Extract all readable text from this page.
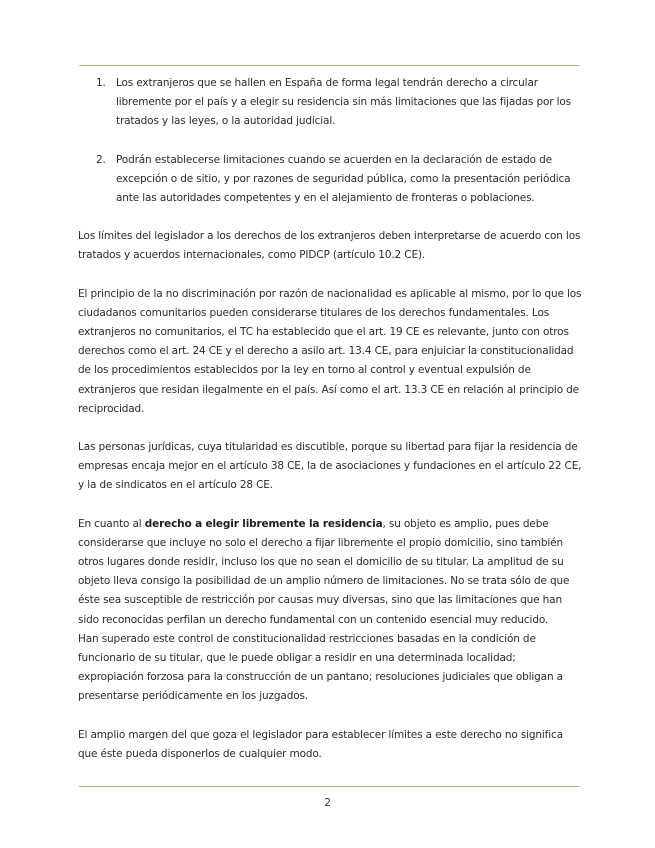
1. Los extranjeros que se hallen en España de forma legal tendrán derecho a circular libremente por el país y a elegir su residencia sin más limitaciones que las fijadas por los tratados y las leyes, o la autoridad judicial.

2. Podrán establecerse limitaciones cuando se acuerden en la declaración de estado de excepción o de sitio, y por razones de seguridad pública, como la presentación periódica ante las autoridades competentes y en el alejamiento de fronteras o poblaciones.

Los límites del legislador a los derechos de los extranjeros deben interpretarse de acuerdo con los tratados y acuerdos internacionales, como PIDCP (artículo 10.2 CE).

El principio de la no discriminación por razón de nacionalidad es aplicable al mismo, por lo que los ciudadanos comunitarios pueden considerarse titulares de los derechos fundamentales. Los extranjeros no comunitarios, el TC ha establecido que el art. 19 CE es relevante, junto con otros derechos como el art. 24 CE y el derecho a asilo art. 13.4 CE, para enjuiciar la constitucionalidad de los procedimientos establecidos por la ley en torno al control y eventual expulsión de extranjeros que residan ilegalmente en el país. Así como el art. 13.3 CE en relación al principio de reciprocidad.

Las personas jurídicas, cuya titularidad es discutible, porque su libertad para fijar la residencia de empresas encaja mejor en el artículo 38 CE, la de asociaciones y fundaciones en el artículo 22 CE, y la de sindicatos en el artículo 28 CE.

En cuanto al derecho a elegir libremente la residencia, su objeto es amplio, pues debe considerarse que incluye no solo el derecho a fijar libremente el propio domicilio, sino también otros lugares donde residir, incluso los que no sean el domicilio de su titular. La amplitud de su objeto lleva consigo la posibilidad de un amplio número de limitaciones. No se trata sólo de que éste sea susceptible de restricción por causas muy diversas, sino que las limitaciones que han sido reconocidas perfilan un derecho fundamental con un contenido esencial muy reducido.

Han superado este control de constitucionalidad restricciones basadas en la condición de funcionario de su titular, que le puede obligar a residir en una determinada localidad; expropiación forzosa para la construcción de un pantano; resoluciones judiciales que obligan a presentarse periódicamente en los juzgados.

El amplio margen del que goza el legislador para establecer límites a este derecho no significa que éste pueda disponerlos de cualquier modo.

2
